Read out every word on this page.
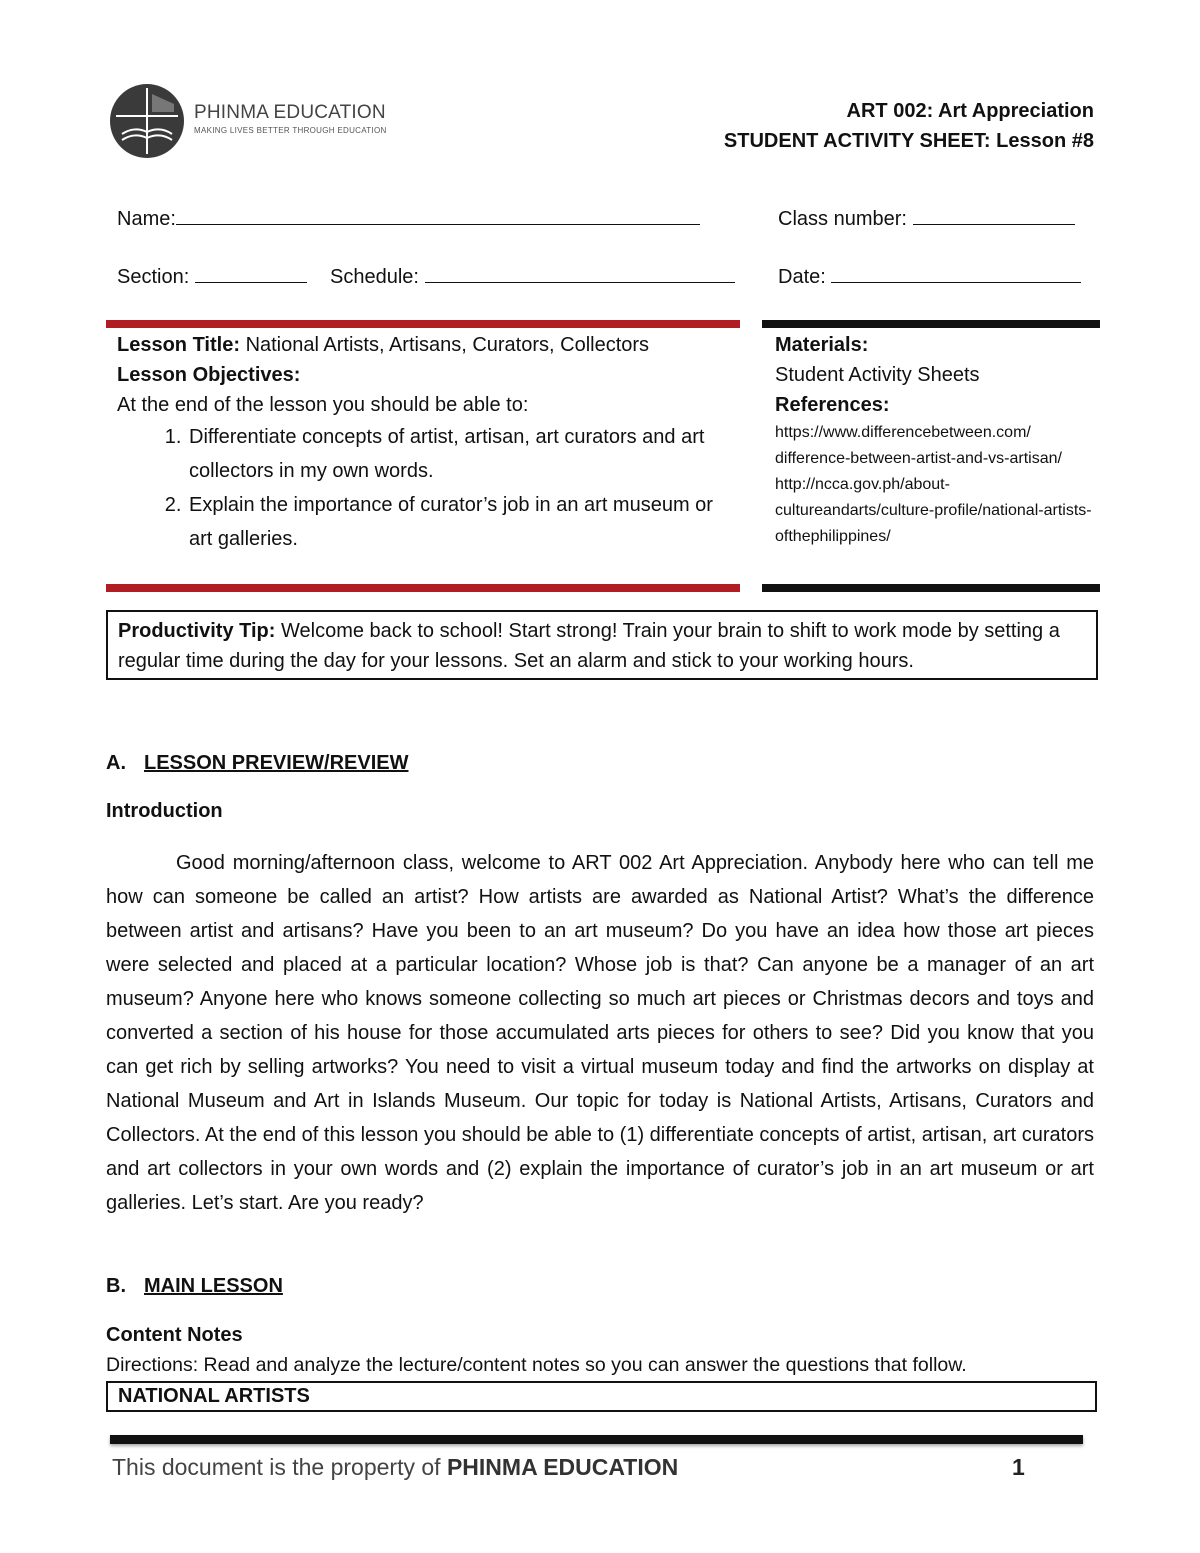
PHINMA EDUCATION
MAKING LIVES BETTER THROUGH EDUCATION
ART 002: Art Appreciation
STUDENT ACTIVITY SHEET: Lesson #8
Name:	Class number:
Section:	Schedule:	Date:
Lesson Title: National Artists, Artisans, Curators, Collectors
Lesson Objectives:
At the end of the lesson you should be able to:
1. Differentiate concepts of artist, artisan, art curators and art collectors in my own words.
2. Explain the importance of curator’s job in an art museum or art galleries.
Materials:
Student Activity Sheets
References:
https://www.differencebetween.com/ difference-between-artist-and-vs-artisan/ http://ncca.gov.ph/about-cultureandarts/culture-profile/national-artists-ofthephilippines/
Productivity Tip: Welcome back to school! Start strong! Train your brain to shift to work mode by setting a regular time during the day for your lessons. Set an alarm and stick to your working hours.
A. LESSON PREVIEW/REVIEW
Introduction
Good morning/afternoon class, welcome to ART 002 Art Appreciation. Anybody here who can tell me how can someone be called an artist? How artists are awarded as National Artist? What’s the difference between artist and artisans? Have you been to an art museum? Do you have an idea how those art pieces were selected and placed at a particular location? Whose job is that? Can anyone be a manager of an art museum? Anyone here who knows someone collecting so much art pieces or Christmas decors and toys and converted a section of his house for those accumulated arts pieces for others to see? Did you know that you can get rich by selling artworks? You need to visit a virtual museum today and find the artworks on display at National Museum and Art in Islands Museum. Our topic for today is National Artists, Artisans, Curators and Collectors. At the end of this lesson you should be able to (1) differentiate concepts of artist, artisan, art curators and art collectors in your own words and (2) explain the importance of curator’s job in an art museum or art galleries. Let’s start. Are you ready?
B. MAIN LESSON
Content Notes
Directions: Read and analyze the lecture/content notes so you can answer the questions that follow.
NATIONAL ARTISTS
This document is the property of PHINMA EDUCATION	1
